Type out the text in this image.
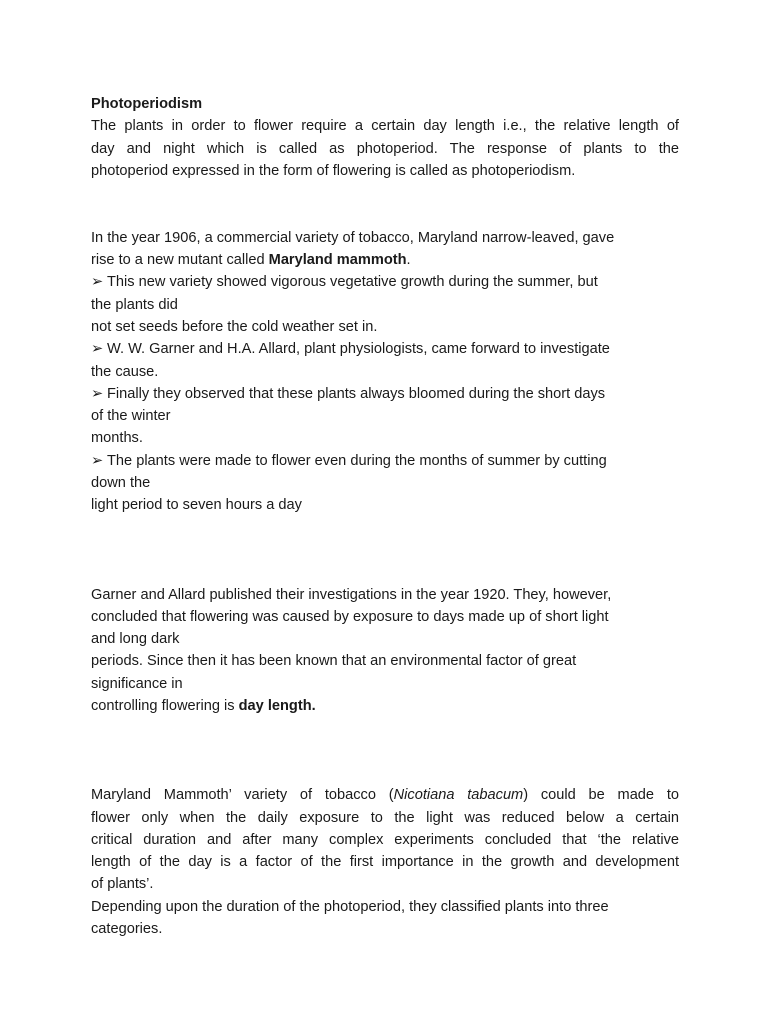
Photoperiodism
The plants in order to flower require a certain day length i.e., the relative length of
day and night which is called as photoperiod. The response of plants to the
photoperiod expressed in the form of flowering is called as photoperiodism.
In the year 1906, a commercial variety of tobacco, Maryland narrow-leaved, gave
rise to a new mutant called Maryland mammoth.
➢ This new variety showed vigorous vegetative growth during the summer, but
the plants did
not set seeds before the cold weather set in.
➢ W. W. Garner and H.A. Allard, plant physiologists, came forward to investigate
the cause.
➢ Finally they observed that these plants always bloomed during the short days
of the winter
months.
➢ The plants were made to flower even during the months of summer by cutting
down the
light period to seven hours a day
Garner and Allard published their investigations in the year 1920. They, however,
concluded that flowering was caused by exposure to days made up of short light
and long dark
periods. Since then it has been known that an environmental factor of great
significance in
controlling flowering is day length.
Maryland Mammoth’ variety of tobacco (Nicotiana tabacum) could be made to
flower only when the daily exposure to the light was reduced below a certain
critical duration and after many complex experiments concluded that ‘the relative
length of the day is a factor of the first importance in the growth and development
of plants’.
Depending upon the duration of the photoperiod, they classified plants into three
categories.
